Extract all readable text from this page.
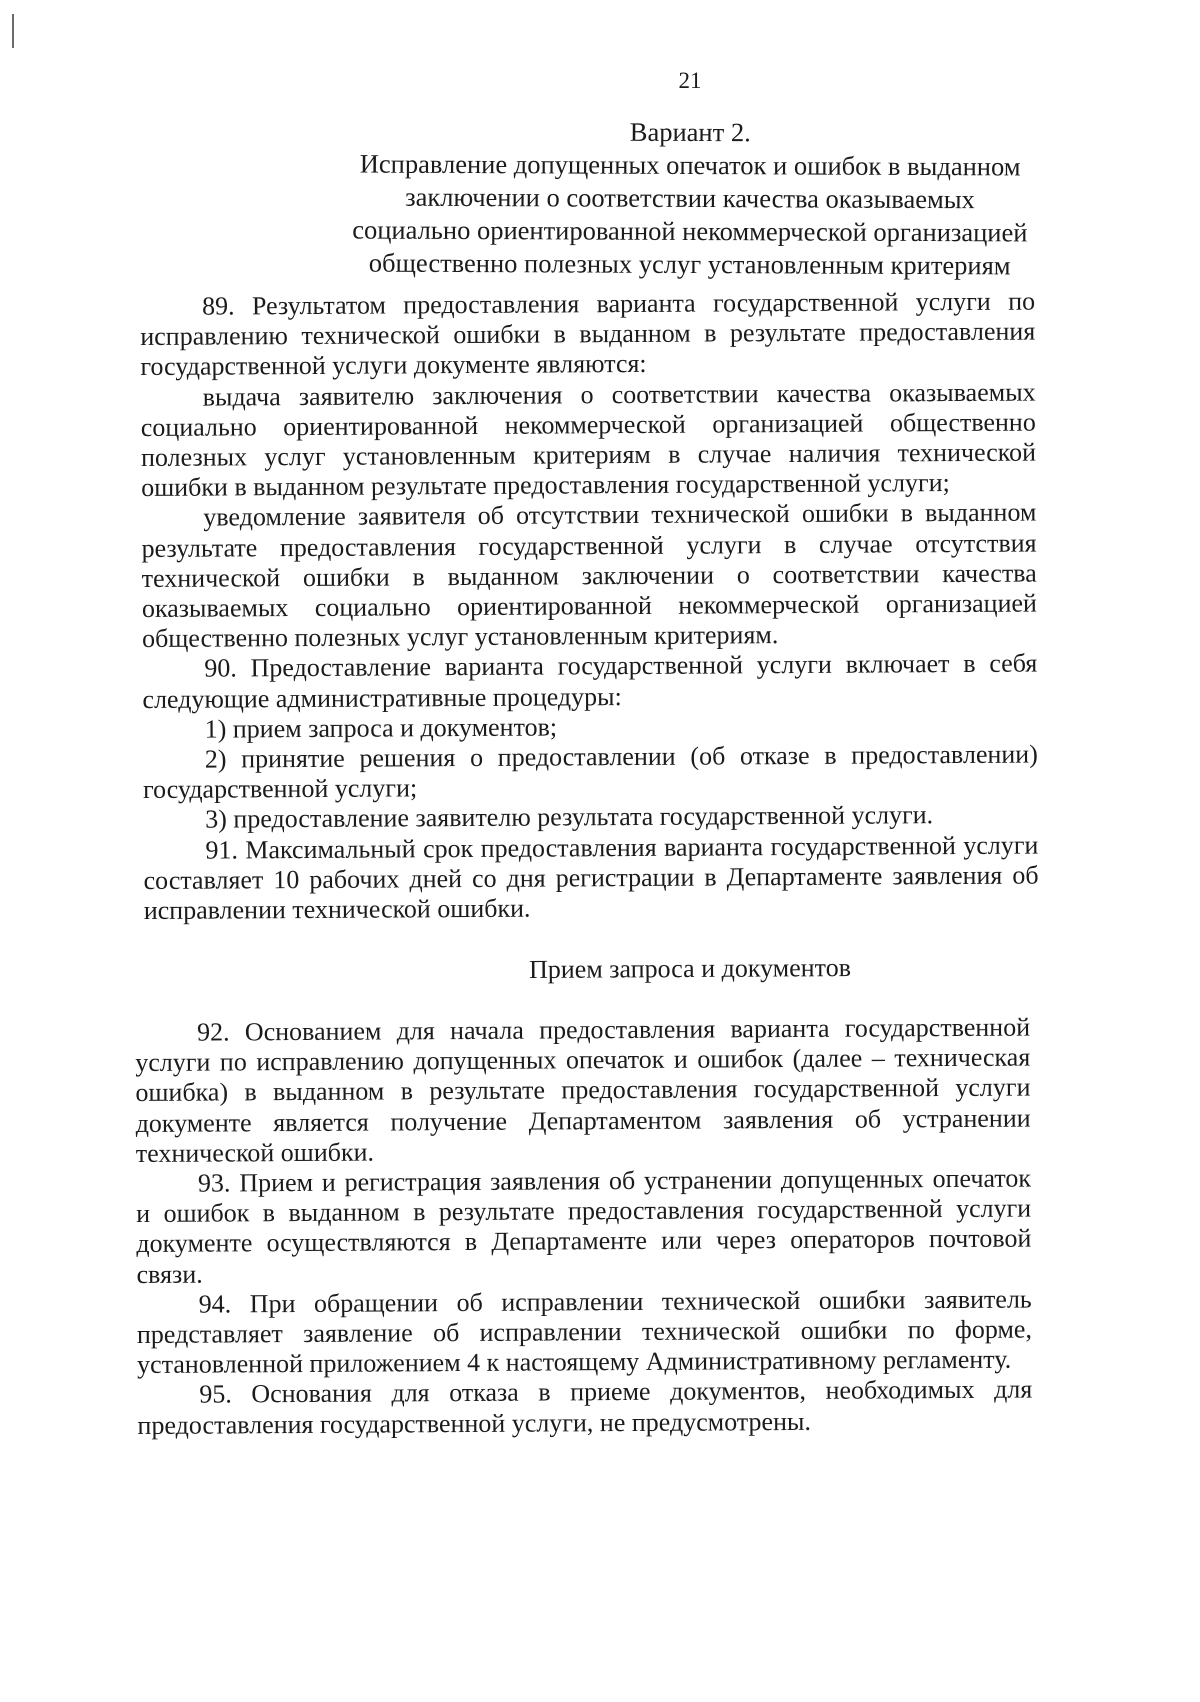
21
Вариант 2.
Исправление допущенных опечаток и ошибок в выданном
заключении о соответствии качества оказываемых
социально ориентированной некоммерческой организацией
общественно полезных услуг установленным критериям

89. Результатом предоставления варианта государственной услуги по исправлению технической ошибки в выданном в результате предоставления государственной услуги документе являются:

выдача заявителю заключения о соответствии качества оказываемых социально ориентированной некоммерческой организацией общественно полезных услуг установленным критериям в случае наличия технической ошибки в выданном результате предоставления государственной услуги;

уведомление заявителя об отсутствии технической ошибки в выданном результате предоставления государственной услуги в случае отсутствия технической ошибки в выданном заключении о соответствии качества оказываемых социально ориентированной некоммерческой организацией общественно полезных услуг установленным критериям.

90. Предоставление варианта государственной услуги включает в себя следующие административные процедуры:

1) прием запроса и документов;

2) принятие решения о предоставлении (об отказе в предоставлении) государственной услуги;

3) предоставление заявителю результата государственной услуги.

91. Максимальный срок предоставления варианта государственной услуги составляет 10 рабочих дней со дня регистрации в Департаменте заявления об исправлении технической ошибки.

Прием запроса и документов

92. Основанием для начала предоставления варианта государственной услуги по исправлению допущенных опечаток и ошибок (далее – техническая ошибка) в выданном в результате предоставления государственной услуги документе является получение Департаментом заявления об устранении технической ошибки.

93. Прием и регистрация заявления об устранении допущенных опечаток и ошибок в выданном в результате предоставления государственной услуги документе осуществляются в Департаменте или через операторов почтовой связи.

94. При обращении об исправлении технической ошибки заявитель представляет заявление об исправлении технической ошибки по форме, установленной приложением 4 к настоящему Административному регламенту.

95. Основания для отказа в приеме документов, необходимых для предоставления государственной услуги, не предусмотрены.
